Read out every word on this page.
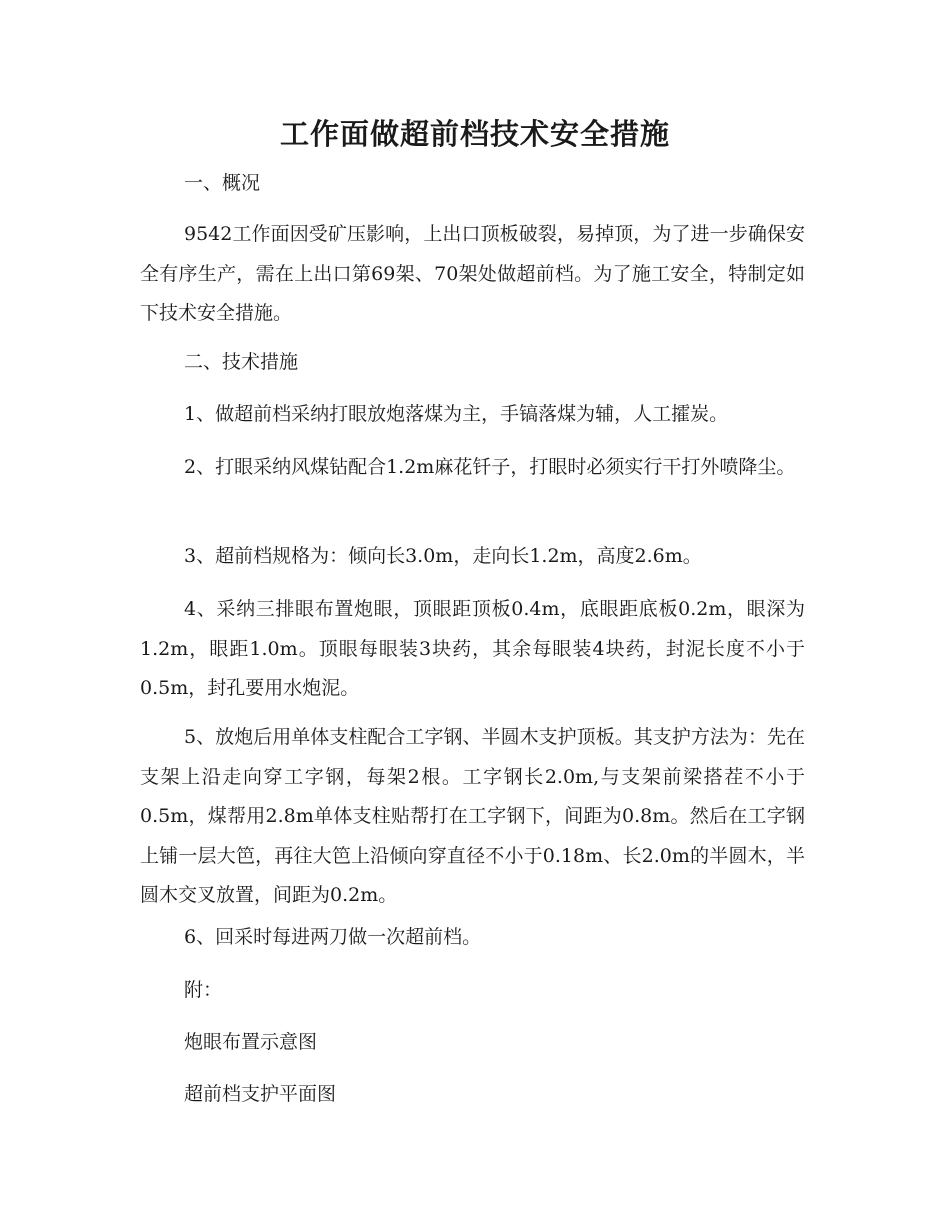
工作面做超前档技术安全措施

一、概况

9542工作面因受矿压影响，上出口顶板破裂，易掉顶，为了进一步确保安全有序生产，需在上出口第69架、70架处做超前档。为了施工安全，特制定如下技术安全措施。

二、技术措施

1、做超前档采纳打眼放炮落煤为主，手镐落煤为辅，人工攉炭。

2、打眼采纳风煤钻配合1.2m麻花钎子，打眼时必须实行干打外喷降尘。

3、超前档规格为：倾向长3.0m，走向长1.2m，高度2.6m。

4、采纳三排眼布置炮眼，顶眼距顶板0.4m，底眼距底板0.2m，眼深为1.2m，眼距1.0m。顶眼每眼装3块药，其余每眼装4块药，封泥长度不小于0.5m，封孔要用水炮泥。

5、放炮后用单体支柱配合工字钢、半圆木支护顶板。其支护方法为：先在支架上沿走向穿工字钢，每架2根。工字钢长2.0m,与支架前梁搭茬不小于0.5m，煤帮用2.8m单体支柱贴帮打在工字钢下，间距为0.8m。然后在工字钢上铺一层大笆，再往大笆上沿倾向穿直径不小于0.18m、长2.0m的半圆木，半圆木交叉放置，间距为0.2m。

6、回采时每进两刀做一次超前档。

附：

炮眼布置示意图

超前档支护平面图
